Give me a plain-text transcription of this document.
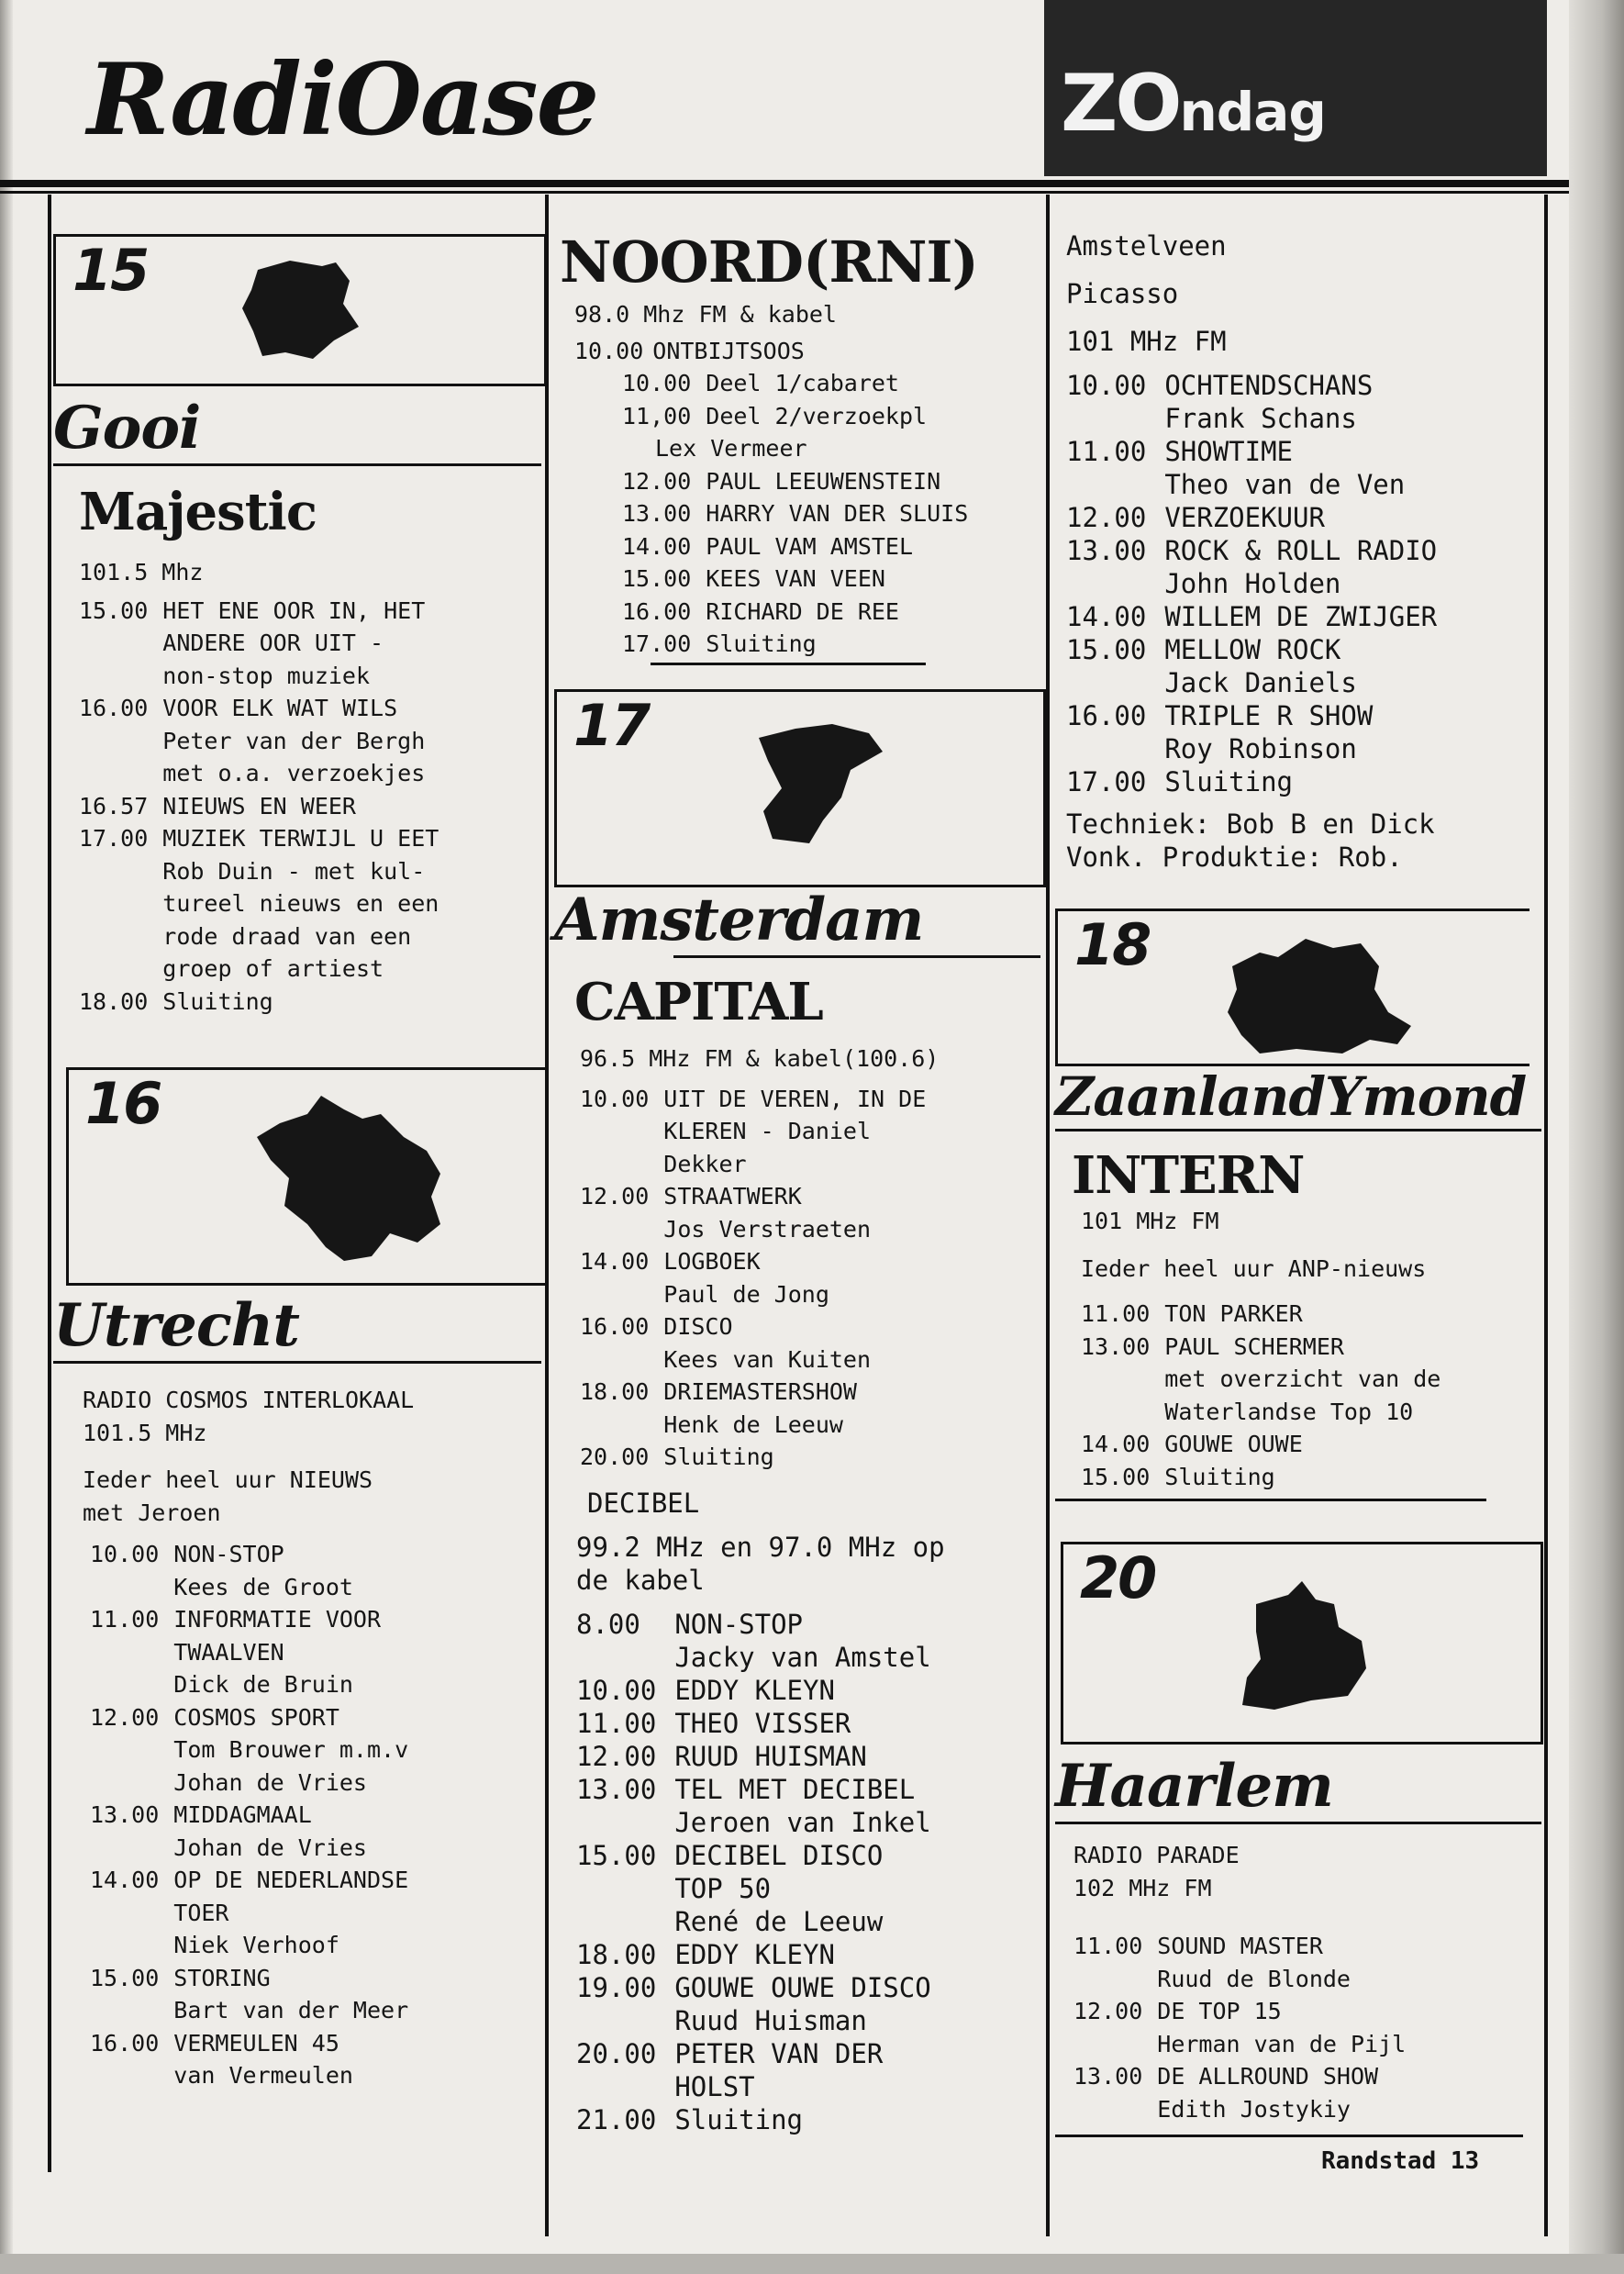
RadiOase	ZOndag
15
Gooi
Majestic
101.5 Mhz
15.00 HET ENE OOR IN, HET
ANDERE OOR UIT -
non-stop muziek
16.00 VOOR ELK WAT WILS
Peter van der Bergh
met o.a. verzoekjes
16.57 NIEUWS EN WEER
17.00 MUZIEK TERWIJL U EET
Rob Duin - met kul-
tureel nieuws en een
rode draad van een
groep of artiest
18.00 Sluiting
16
Utrecht
RADIO COSMOS INTERLOKAAL
101.5 MHz
Ieder heel uur NIEUWS
met Jeroen
10.00 NON-STOP
Kees de Groot
11.00 INFORMATIE VOOR
TWAALVEN
Dick de Bruin
12.00 COSMOS SPORT
Tom Brouwer m.m.v
Johan de Vries
13.00 MIDDAGMAAL
Johan de Vries
14.00 OP DE NEDERLANDSE
TOER
Niek Verhoof
15.00 STORING
Bart van der Meer
16.00 VERMEULEN 45
van Vermeulen
NOORD(RNI)
98.0 Mhz FM & kabel
10.00 ONTBIJTSOOS
10.00 Deel 1/cabaret
11,00 Deel 2/verzoekpl
Lex Vermeer
12.00 PAUL LEEUWENSTEIN
13.00 HARRY VAN DER SLUIS
14.00 PAUL VAM AMSTEL
15.00 KEES VAN VEEN
16.00 RICHARD DE REE
17.00 Sluiting
17
Amsterdam
CAPITAL
96.5 MHz FM & kabel(100.6)
10.00 UIT DE VEREN, IN DE
KLEREN - Daniel
Dekker
12.00 STRAATWERK
Jos Verstraeten
14.00 LOGBOEK
Paul de Jong
16.00 DISCO
Kees van Kuiten
18.00 DRIEMASTERSHOW
Henk de Leeuw
20.00 Sluiting
DECIBEL
99.2 MHz en 97.0 MHz op
de kabel
8.00	NON-STOP
Jacky van Amstel
10.00 EDDY KLEYN
11.00 THEO VISSER
12.00 RUUD HUISMAN
13.00 TEL MET DECIBEL
Jeroen van Inkel
15.00 DECIBEL DISCO
TOP 50
René de Leeuw
18.00 EDDY KLEYN
19.00 GOUWE OUWE DISCO
Ruud Huisman
20.00 PETER VAN DER
HOLST
21.00 Sluiting
Amstelveen
Picasso
101 MHz FM
10.00 OCHTENDSCHANS
Frank Schans
11.00 SHOWTIME
Theo van de Ven
12.00 VERZOEKUUR
13.00 ROCK & ROLL RADIO
John Holden
14.00 WILLEM DE ZWIJGER
15.00 MELLOW ROCK
Jack Daniels
16.00 TRIPLE R SHOW
Roy Robinson
17.00 Sluiting
Techniek: Bob B en Dick
Vonk. Produktie: Rob.
18
ZaanlandYmond
INTERN
101 MHz FM
Ieder heel uur ANP-nieuws
11.00 TON PARKER
13.00 PAUL SCHERMER
met overzicht van de
Waterlandse Top 10
14.00 GOUWE OUWE
15.00 Sluiting
20
Haarlem
RADIO PARADE
102 MHz FM
11.00 SOUND MASTER
Ruud de Blonde
12.00 DE TOP 15
Herman van de Pijl
13.00 DE ALLROUND SHOW
Edith Jostykiy
Randstad 13
